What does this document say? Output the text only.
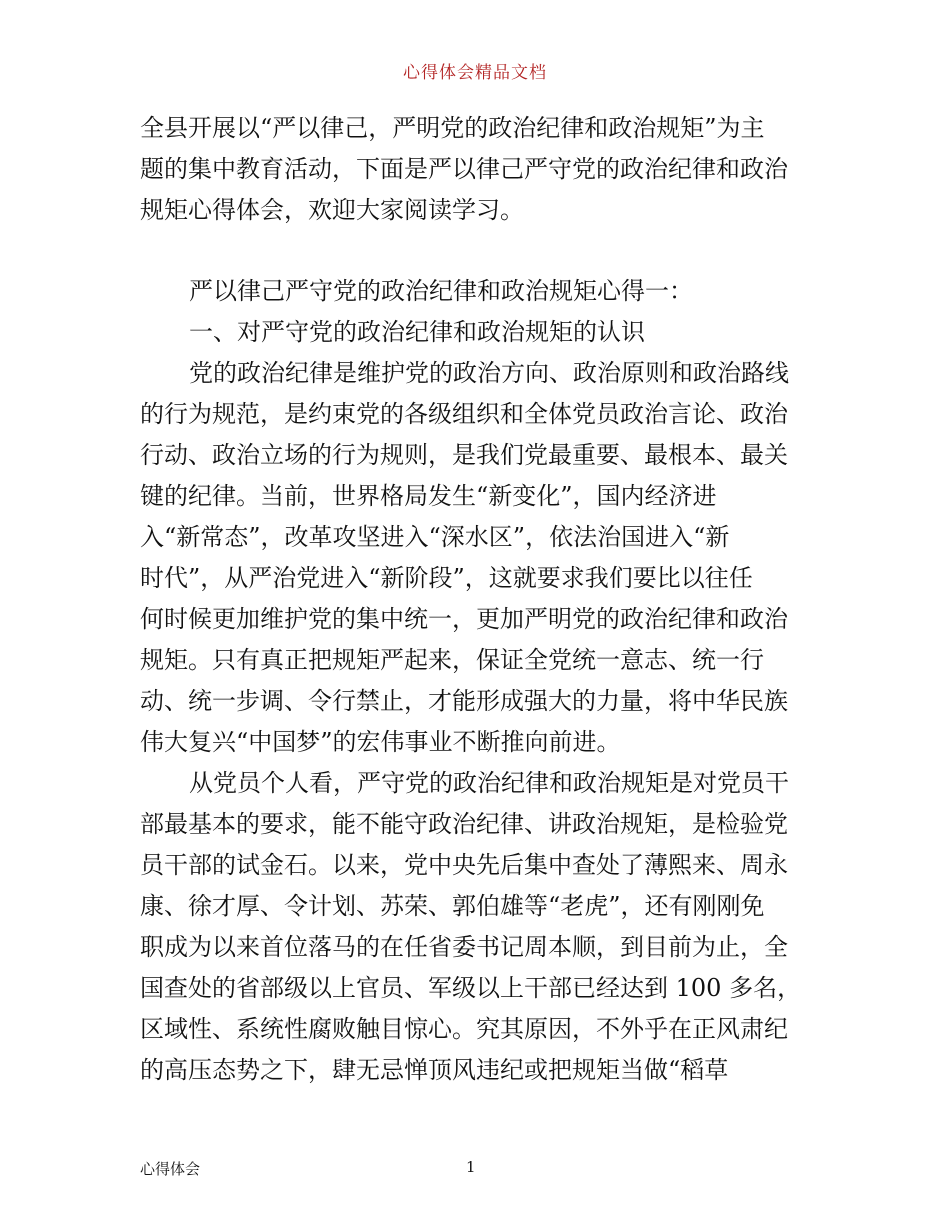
心得体会精品文档
全县开展以“严以律己，严明党的政治纪律和政治规矩”为主
题的集中教育活动，下面是严以律己严守党的政治纪律和政治
规矩心得体会，欢迎大家阅读学习。
严以律己严守党的政治纪律和政治规矩心得一：
一、对严守党的政治纪律和政治规矩的认识
党的政治纪律是维护党的政治方向、政治原则和政治路线
的行为规范，是约束党的各级组织和全体党员政治言论、政治
行动、政治立场的行为规则，是我们党最重要、最根本、最关
键的纪律。当前，世界格局发生“新变化”，国内经济进
入“新常态”，改革攻坚进入“深水区”，依法治国进入“新
时代”，从严治党进入“新阶段”，这就要求我们要比以往任
何时候更加维护党的集中统一，更加严明党的政治纪律和政治
规矩。只有真正把规矩严起来，保证全党统一意志、统一行
动、统一步调、令行禁止，才能形成强大的力量，将中华民族
伟大复兴“中国梦”的宏伟事业不断推向前进。
从党员个人看，严守党的政治纪律和政治规矩是对党员干
部最基本的要求，能不能守政治纪律、讲政治规矩，是检验党
员干部的试金石。以来，党中央先后集中查处了薄熙来、周永
康、徐才厚、令计划、苏荣、郭伯雄等“老虎”，还有刚刚免
职成为以来首位落马的在任省委书记周本顺，到目前为止，全
国查处的省部级以上官员、军级以上干部已经达到 100 多名，
区域性、系统性腐败触目惊心。究其原因，不外乎在正风肃纪
的高压态势之下，肆无忌惮顶风违纪或把规矩当做“稻草
心得体会	1
